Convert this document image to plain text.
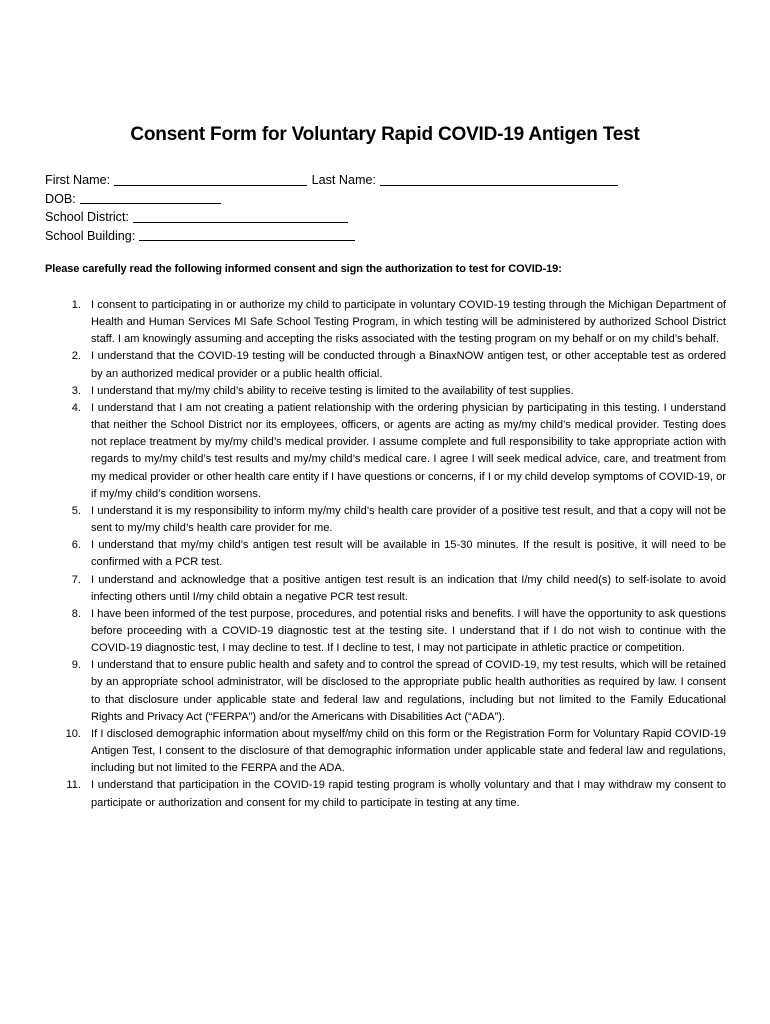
Consent Form for Voluntary Rapid COVID-19 Antigen Test
First Name:	Last Name:
DOB:
School District:
School Building:

Please carefully read the following informed consent and sign the authorization to test for COVID-19:

1. I consent to participating in or authorize my child to participate in voluntary COVID-19 testing through the Michigan Department of Health and Human Services MI Safe School Testing Program, in which testing will be administered by authorized School District staff. I am knowingly assuming and accepting the risks associated with the testing program on my behalf or on my child’s behalf.
2. I understand that the COVID-19 testing will be conducted through a BinaxNOW antigen test, or other acceptable test as ordered by an authorized medical provider or a public health official.
3. I understand that my/my child’s ability to receive testing is limited to the availability of test supplies.
4. I understand that I am not creating a patient relationship with the ordering physician by participating in this testing. I understand that neither the School District nor its employees, officers, or agents are acting as my/my child’s medical provider. Testing does not replace treatment by my/my child’s medical provider. I assume complete and full responsibility to take appropriate action with regards to my/my child’s test results and my/my child’s medical care. I agree I will seek medical advice, care, and treatment from my medical provider or other health care entity if I have questions or concerns, if I or my child develop symptoms of COVID-19, or if my/my child’s condition worsens.
5. I understand it is my responsibility to inform my/my child’s health care provider of a positive test result, and that a copy will not be sent to my/my child’s health care provider for me.
6. I understand that my/my child’s antigen test result will be available in 15-30 minutes. If the result is positive, it will need to be confirmed with a PCR test.
7. I understand and acknowledge that a positive antigen test result is an indication that I/my child need(s) to self-isolate to avoid infecting others until I/my child obtain a negative PCR test result.
8. I have been informed of the test purpose, procedures, and potential risks and benefits. I will have the opportunity to ask questions before proceeding with a COVID-19 diagnostic test at the testing site. I understand that if I do not wish to continue with the COVID-19 diagnostic test, I may decline to test. If I decline to test, I may not participate in athletic practice or competition.
9. I understand that to ensure public health and safety and to control the spread of COVID-19, my test results, which will be retained by an appropriate school administrator, will be disclosed to the appropriate public health authorities as required by law. I consent to that disclosure under applicable state and federal law and regulations, including but not limited to the Family Educational Rights and Privacy Act (“FERPA”) and/or the Americans with Disabilities Act (“ADA”).
10. If I disclosed demographic information about myself/my child on this form or the Registration Form for Voluntary Rapid COVID-19 Antigen Test, I consent to the disclosure of that demographic information under applicable state and federal law and regulations, including but not limited to the FERPA and the ADA.
11. I understand that participation in the COVID-19 rapid testing program is wholly voluntary and that I may withdraw my consent to participate or authorization and consent for my child to participate in testing at any time.
